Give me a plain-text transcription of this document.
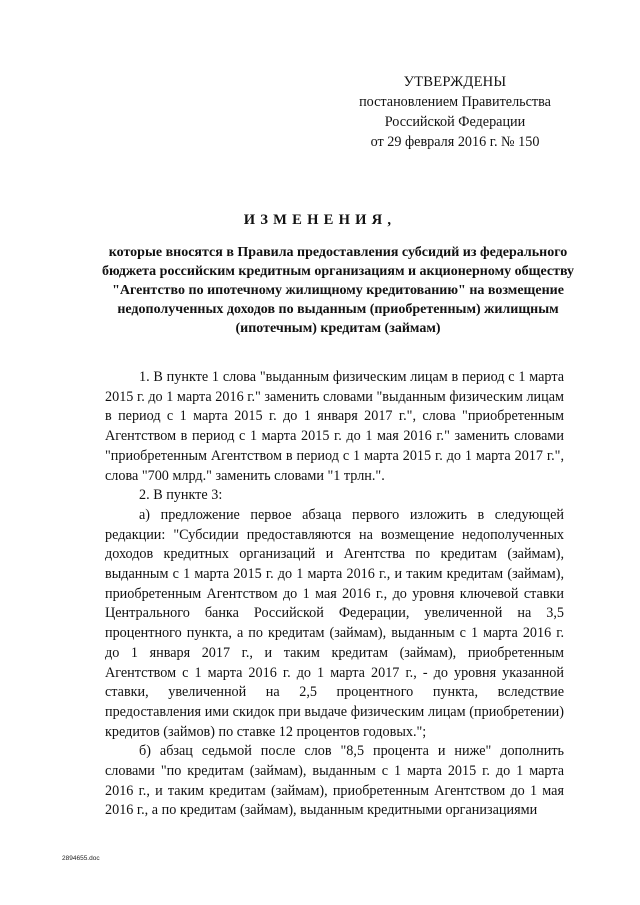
УТВЕРЖДЕНЫ
постановлением Правительства
Российской Федерации
от 29 февраля 2016 г. № 150
ИЗМЕНЕНИЯ,
которые вносятся в Правила предоставления субсидий из федерального бюджета российским кредитным организациям и акционерному обществу "Агентство по ипотечному жилищному кредитованию" на возмещение недополученных доходов по выданным (приобретенным) жилищным (ипотечным) кредитам (займам)

1. В пункте 1 слова "выданным физическим лицам в период с 1 марта 2015 г. до 1 марта 2016 г." заменить словами "выданным физическим лицам в период с 1 марта 2015 г. до 1 января 2017 г.", слова "приобретенным Агентством в период с 1 марта 2015 г. до 1 мая 2016 г." заменить словами "приобретенным Агентством в период с 1 марта 2015 г. до 1 марта 2017 г.", слова "700 млрд." заменить словами "1 трлн.".

2. В пункте 3:

а) предложение первое абзаца первого изложить в следующей редакции: "Субсидии предоставляются на возмещение недополученных доходов кредитных организаций и Агентства по кредитам (займам), выданным с 1 марта 2015 г. до 1 марта 2016 г., и таким кредитам (займам), приобретенным Агентством до 1 мая 2016 г., до уровня ключевой ставки Центрального банка Российской Федерации, увеличенной на 3,5 процентного пункта, а по кредитам (займам), выданным с 1 марта 2016 г. до 1 января 2017 г., и таким кредитам (займам), приобретенным Агентством с 1 марта 2016 г. до 1 марта 2017 г., - до уровня указанной ставки, увеличенной на 2,5 процентного пункта, вследствие предоставления ими скидок при выдаче физическим лицам (приобретении) кредитов (займов) по ставке 12 процентов годовых.";

б) абзац седьмой после слов "8,5 процента и ниже" дополнить словами "по кредитам (займам), выданным с 1 марта 2015 г. до 1 марта 2016 г., и таким кредитам (займам), приобретенным Агентством до 1 мая 2016 г., а по кредитам (займам), выданным кредитными организациями

2894655.doc
